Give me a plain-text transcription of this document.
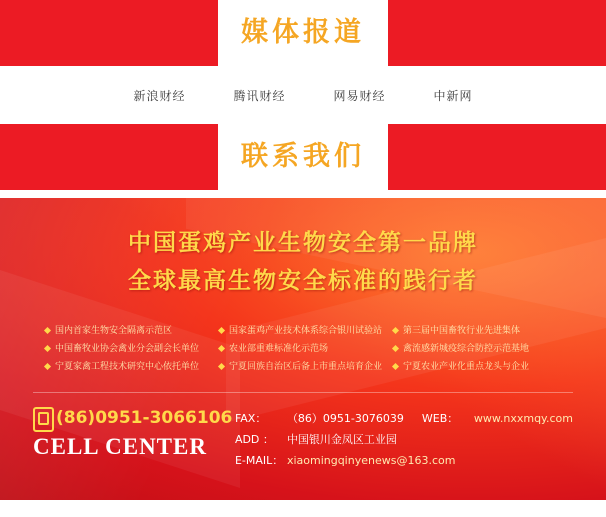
媒体报道
新浪财经	腾讯财经	网易财经	中新网
联系我们
中国蛋鸡产业生物安全第一品牌
全球最高生物安全标准的践行者
国内首家生物安全隔离示范区
中国畜牧业协会禽业分会副会长单位
宁夏家禽工程技术研究中心依托单位
国家蛋鸡产业技术体系综合银川试验站
农业部重难标准化示范场
宁夏回族自治区后备上市重点培育企业
第三届中国畜牧行业先进集体
禽流感新城疫综合防控示范基地
宁夏农业产业化重点龙头与企业
(86)0951-3066106
CELL CENTER
FAX： （86）0951-3076039 WEB： www.nxxmqy.com
ADD ： 中国银川金凤区工业园
E-MAIL： xiaomingqinyenews@163.com
